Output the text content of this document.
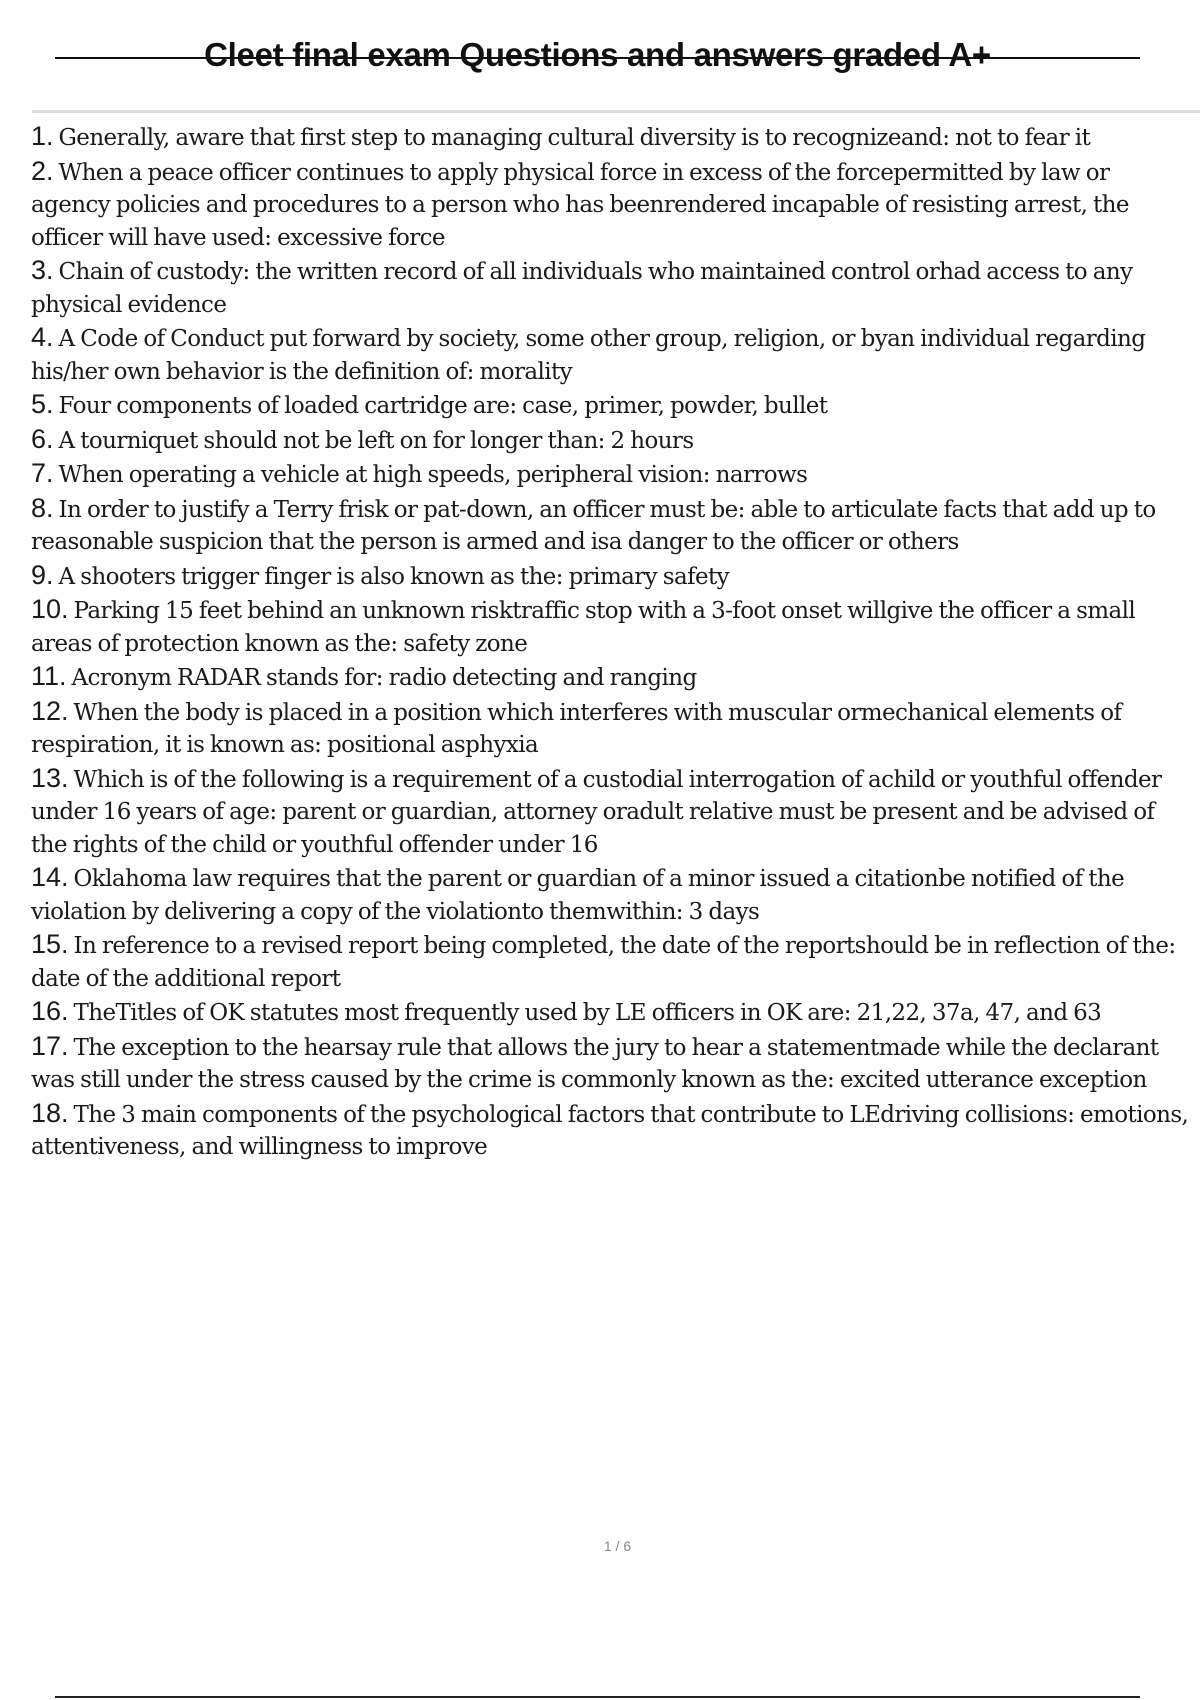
Cleet final exam Questions and answers graded A+
1. Generally, aware that first step to managing cultural diversity is to recognizeand: not to fear it
2. When a peace officer continues to apply physical force in excess of the forcepermitted by law or agency policies and procedures to a person who has beenrendered incapable of resisting arrest, the officer will have used: excessive force
3. Chain of custody: the written record of all individuals who maintained control orhad access to any physical evidence
4. A Code of Conduct put forward by society, some other group, religion, or byan individual regarding his/her own behavior is the definition of: morality
5. Four components of loaded cartridge are: case, primer, powder, bullet
6. A tourniquet should not be left on for longer than: 2 hours
7. When operating a vehicle at high speeds, peripheral vision: narrows
8. In order to justify a Terry frisk or pat-down, an officer must be: able to articulate facts that add up to reasonable suspicion that the person is armed and isa danger to the officer or others
9. A shooters trigger finger is also known as the: primary safety
10. Parking 15 feet behind an unknown risktraffic stop with a 3-foot onset willgive the officer a small areas of protection known as the: safety zone
11. Acronym RADAR stands for: radio detecting and ranging
12. When the body is placed in a position which interferes with muscular ormechanical elements of respiration, it is known as: positional asphyxia
13. Which is of the following is a requirement of a custodial interrogation of achild or youthful offender under 16 years of age: parent or guardian, attorney oradult relative must be present and be advised of the rights of the child or youthful offender under 16
14. Oklahoma law requires that the parent or guardian of a minor issued a citationbe notified of the violation by delivering a copy of the violationto themwithin: 3 days
15. In reference to a revised report being completed, the date of the reportshould be in reflection of the: date of the additional report
16. TheTitles of OK statutes most frequently used by LE officers in OK are: 21,22, 37a, 47, and 63
17. The exception to the hearsay rule that allows the jury to hear a statementmade while the declarant was still under the stress caused by the crime is commonly known as the: excited utterance exception
18. The 3 main components of the psychological factors that contribute to LEdriving collisions: emotions, attentiveness, and willingness to improve
1 / 6
